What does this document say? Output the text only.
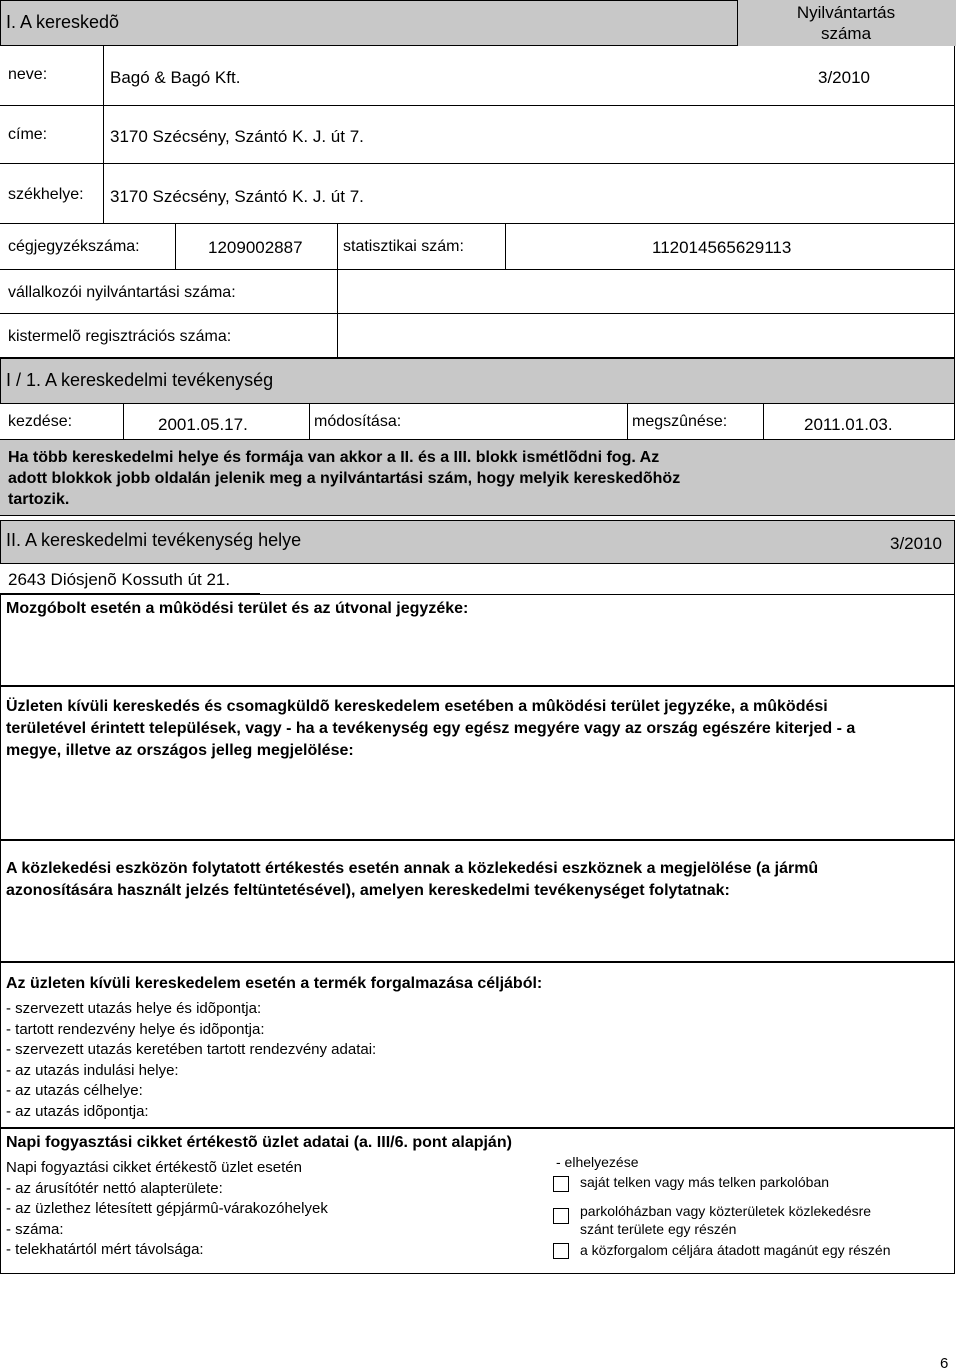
I. A kereskedõ	Nyilvántartás
száma
neve:	Bagó & Bagó Kft.	3/2010
címe:	3170 Szécsény, Szántó K. J. út 7.
székhelye: 3170 Szécsény, Szántó K. J. út 7.
cégjegyzékszáma:	1209002887	statisztikai szám:	112014565629113
vállalkozói nyilvántartási száma:
kistermelõ regisztrációs száma:
I / 1. A kereskedelmi tevékenység
kezdése:	2001.05.17.	módosítása:	megszûnése:	2011.01.03.
Ha több kereskedelmi helye és formája van akkor a II. és a III. blokk ismétlõdni fog. Az
adott blokkok jobb oldalán jelenik meg a nyilvántartási szám, hogy melyik kereskedõhöz
tartozik.
II. A kereskedelmi tevékenység helye	3/2010
2643 Diósjenõ Kossuth út 21.
Mozgóbolt esetén a mûködési terület és az útvonal jegyzéke:
Üzleten kívüli kereskedés és csomagküldõ kereskedelem esetében a mûködési terület jegyzéke, a mûködési
területével érintett települések, vagy - ha a tevékenység egy egész megyére vagy az ország egészére kiterjed - a
megye, illetve az országos jelleg megjelölése:
A közlekedési eszközön folytatott értékestés esetén annak a közlekedési eszköznek a megjelölése (a jármû
azonosítására használt jelzés feltüntetésével), amelyen kereskedelmi tevékenységet folytatnak:
Az üzleten kívüli kereskedelem esetén a termék forgalmazása céljából:
- szervezett utazás helye és idõpontja:
- tartott rendezvény helye és idõpontja:
- szervezett utazás keretében tartott rendezvény adatai:
- az utazás indulási helye:
- az utazás célhelye:
- az utazás idõpontja:
Napi fogyasztási cikket értékestõ üzlet adatai (a. III/6. pont alapján)
Napi fogyaztási cikket értékestõ üzlet esetén
- az árusítótér nettó alapterülete:
- az üzlethez létesített gépjármû-várakozóhelyek
- száma:
- telekhatártól mért távolsága:
- elhelyezése
saját telken vagy más telken parkolóban
parkolóházban vagy közterületek közlekedésre
szánt területe egy részén
a közforgalom céljára átadott magánút egy részén
6
